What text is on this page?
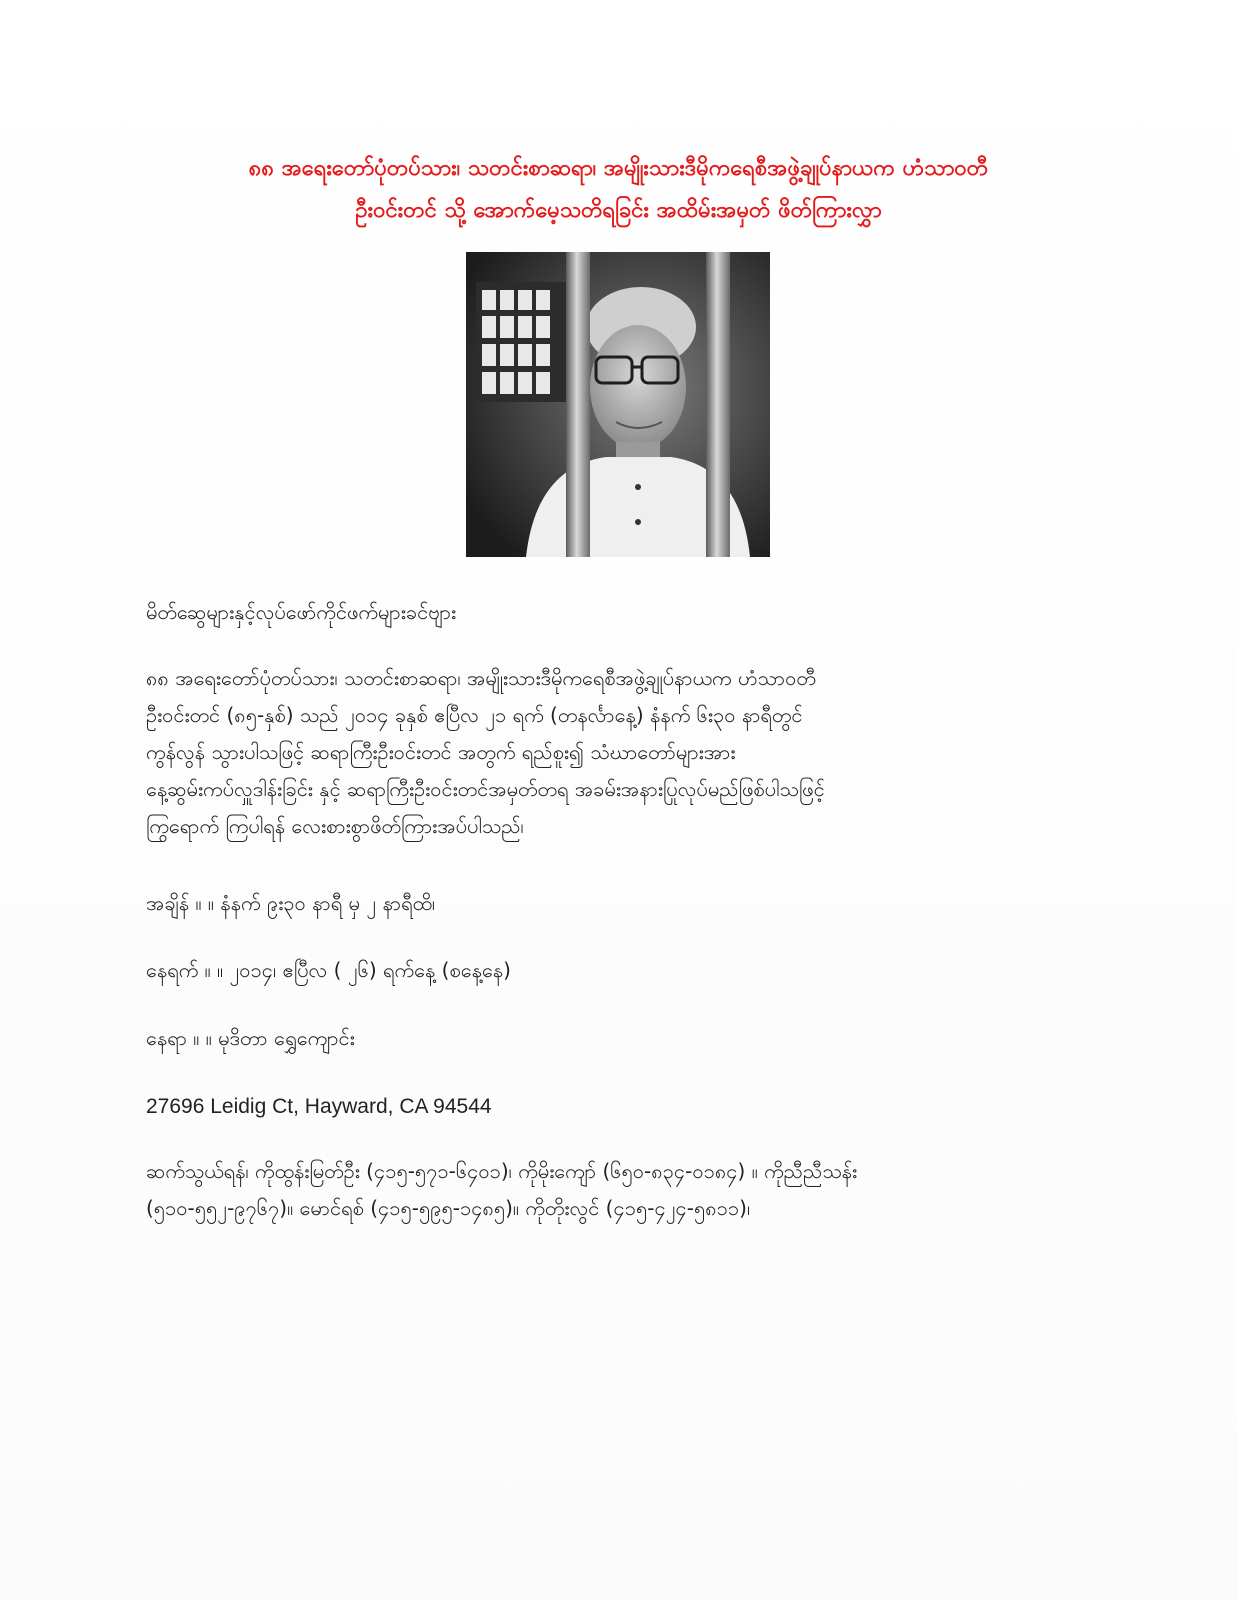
၈၈ အရေးတော်ပုံတပ်သား၊ သတင်းစာဆရာ၊ အမျိုးသားဒီမိုကရေစီအဖွဲ့ချုပ်နာယက ဟံသာဝတီ
ဦးဝင်းတင် သို့ အောက်မေ့သတိရခြင်း အထိမ်းအမှတ် ဖိတ်ကြားလွှာ
မိတ်ဆွေများနှင့်လုပ်ဖော်ကိုင်ဖက်များခင်ဗျား
၈၈ အရေးတော်ပုံတပ်သား၊ သတင်းစာဆရာ၊ အမျိုးသားဒီမိုကရေစီအဖွဲ့ချုပ်နာယက ဟံသာဝတီ
ဦးဝင်းတင် (၈၅-နှစ်) သည် ၂၀၁၄ ခုနှစ် ဧပြီလ ၂၁ ရက် (တနင်္လာနေ့) နံနက် ၆း၃၀ နာရီတွင်
ကွန်လွန် သွားပါသဖြင့် ဆရာကြီးဦးဝင်းတင် အတွက် ရည်စူး၍ သံဃာတော်များအား
နေ့ဆွမ်းကပ်လှူဒါန်းခြင်း နှင့် ဆရာကြီးဦးဝင်းတင်အမှတ်တရ အခမ်းအနားပြုလုပ်မည်ဖြစ်ပါသဖြင့်
ကြွရောက် ကြပါရန် လေးစားစွာဖိတ်ကြားအပ်ပါသည်၊
အချိန် ။ ။ နံနက် ၉း၃၀ နာရီ မှ ၂ နာရီထိ၊
နေရက် ။ ။ ၂၀၁၄၊ ဧပြီလ ( ၂၆) ရက်နေ့ (စနေ့နေ)
နေရာ ။ ။ မုဒိတာ ရွှေကျောင်း
27696 Leidig Ct, Hayward, CA 94544
ဆက်သွယ်ရန်၊ ကိုထွန်းမြတ်ဦး (၄၁၅-၅၇၁-၆၄၀၁)၊ ကိုမိုးကျော် (၆၅၀-၈၃၄-၀၁၈၄) ။ ကိုညီညီသန်း
(၅၁၀-၅၅၂-၉၇၆၇)။ မောင်ရစ် (၄၁၅-၅၉၅-၁၄၈၅)။ ကိုတိုးလွင် (၄၁၅-၄၂၄-၅၈၁၁)၊
